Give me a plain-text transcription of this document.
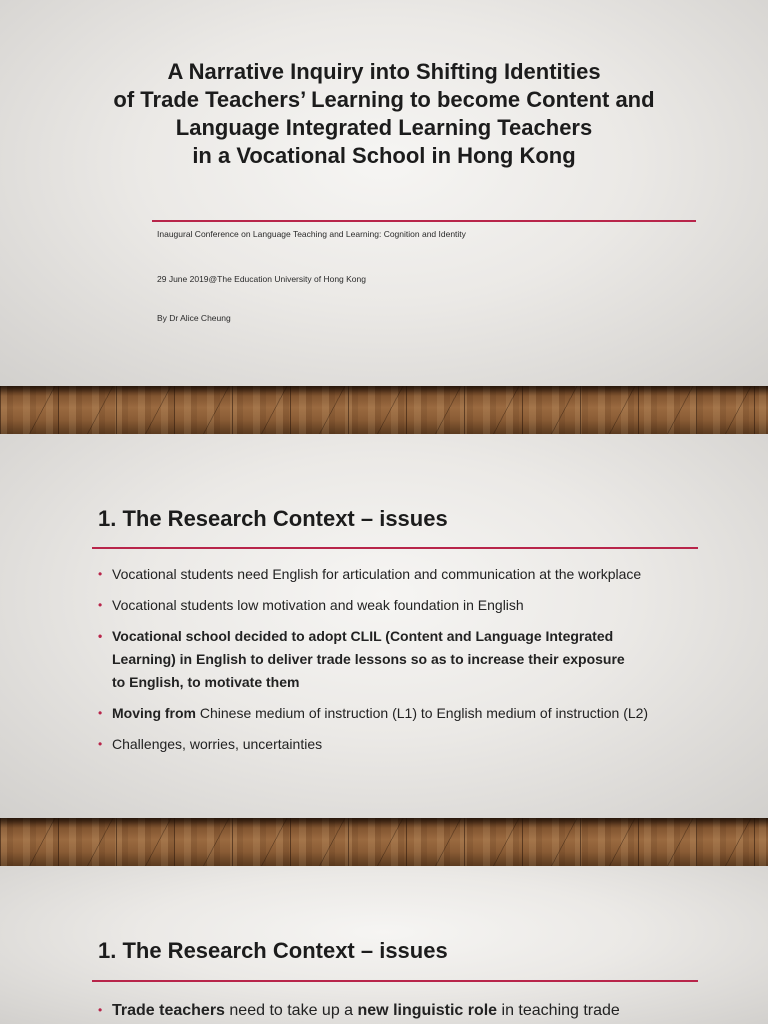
A Narrative Inquiry into Shifting Identities
of Trade Teachers’ Learning to become Content and
Language Integrated Learning Teachers
in a Vocational School in Hong Kong
Inaugural Conference on Language Teaching and Learning: Cognition and Identity
29 June 2019@The Education University of Hong Kong
By Dr Alice Cheung
1. The Research Context – issues
• Vocational students need English for articulation and communication at the workplace
• Vocational students low motivation and weak foundation in English
• Vocational school decided to adopt CLIL (Content and Language Integrated
Learning) in English to deliver trade lessons so as to increase their exposure
to English, to motivate them
• Moving from Chinese medium of instruction (L1) to English medium of instruction (L2)
• Challenges, worries, uncertainties
1. The Research Context – issues
• Trade teachers need to take up a new linguistic role in teaching trade
